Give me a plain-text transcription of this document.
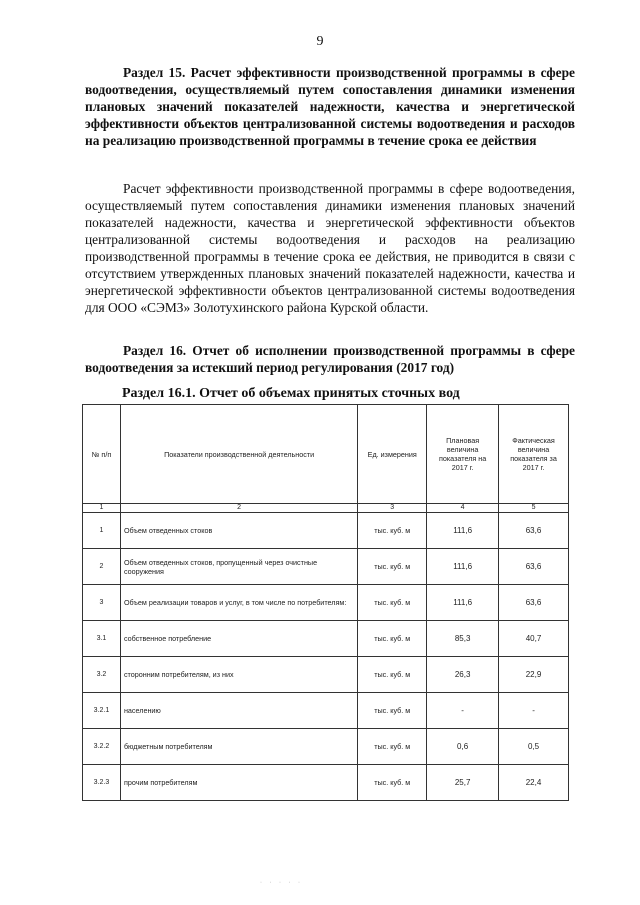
9
Раздел 15. Расчет эффективности производственной программы в сфере водоотведения, осуществляемый путем сопоставления динамики изменения плановых значений показателей надежности, качества и энергетической эффективности объектов централизованной системы водоотведения и расходов на реализацию производственной программы в течение срока ее действия
Расчет эффективности производственной программы в сфере водоотведения, осуществляемый путем сопоставления динамики изменения плановых значений показателей надежности, качества и энергетической эффективности объектов централизованной системы водоотведения и расходов на реализацию производственной программы в течение срока ее действия, не приводится в связи с отсутствием утвержденных плановых значений показателей надежности, качества и энергетической эффективности объектов централизованной системы водоотведения для ООО «СЭМЗ» Золотухинского района Курской области.
Раздел 16. Отчет об исполнении производственной программы в сфере водоотведения за истекший период регулирования (2017 год)
Раздел 16.1. Отчет об объемах принятых сточных вод
№ п/п	Показатели производственной деятельности	Ед. измерения	Плановая величина показателя на 2017 г.	Фактическая величина показателя за 2017 г.
1	2	3	4	5
1	Объем отведенных стоков	тыс. куб. м	111,6	63,6
2	Объем отведенных стоков, пропущенный через очистные сооружения	тыс. куб. м	111,6	63,6
3	Объем реализации товаров и услуг, в том числе по потребителям:	тыс. куб. м	111,6	63,6
3.1	собственное потребление	тыс. куб. м	85,3	40,7
3.2	сторонним потребителям, из них	тыс. куб. м	26,3	22,9
3.2.1	населению	тыс. куб. м	-	-
3.2.2	бюджетным потребителям	тыс. куб. м	0,6	0,5
3.2.3	прочим потребителям	тыс. куб. м	25,7	22,4
· · · · ·
